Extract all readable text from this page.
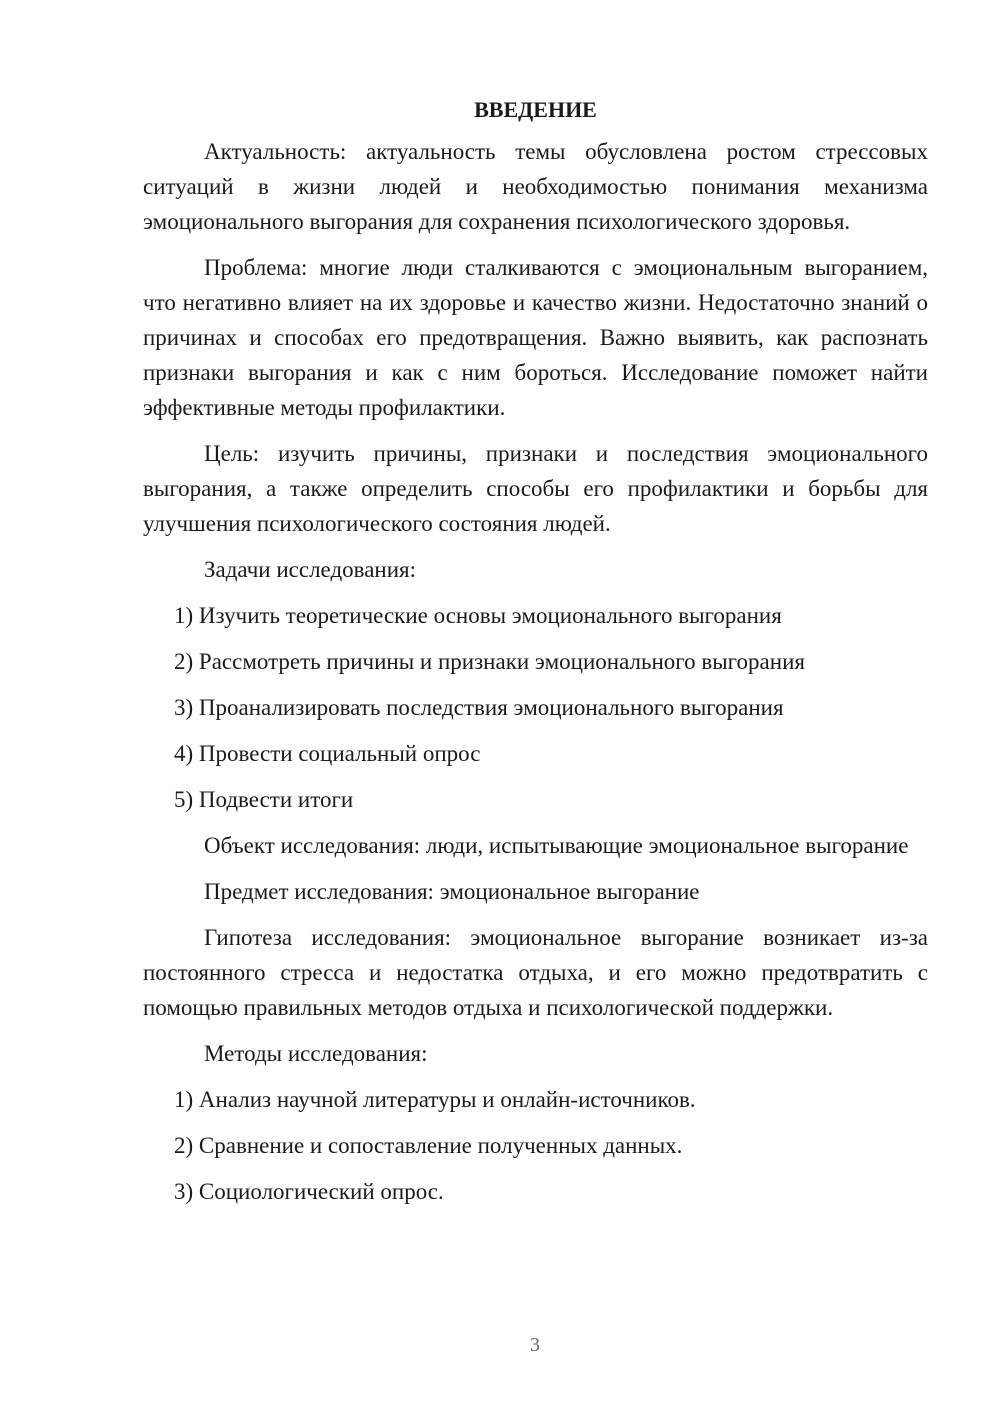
ВВЕДЕНИЕ

Актуальность: актуальность темы обусловлена ростом стрессовых ситуаций в жизни людей и необходимостью понимания механизма эмоционального выгорания для сохранения психологического здоровья.

Проблема: многие люди сталкиваются с эмоциональным выгоранием, что негативно влияет на их здоровье и качество жизни. Недостаточно знаний о причинах и способах его предотвращения. Важно выявить, как распознать признаки выгорания и как с ним бороться. Исследование поможет найти эффективные методы профилактики.

Цель: изучить причины, признаки и последствия эмоционального выгорания, а также определить способы его профилактики и борьбы для улучшения психологического состояния людей.

Задачи исследования:

1) Изучить теоретические основы эмоционального выгорания

2) Рассмотреть причины и признаки эмоционального выгорания

3) Проанализировать последствия эмоционального выгорания

4) Провести социальный опрос

5) Подвести итоги

Объект исследования: люди, испытывающие эмоциональное выгорание

Предмет исследования: эмоциональное выгорание

Гипотеза исследования: эмоциональное выгорание возникает из-за постоянного стресса и недостатка отдыха, и его можно предотвратить с помощью правильных методов отдыха и психологической поддержки.

Методы исследования:

1) Анализ научной литературы и онлайн-источников.

2) Сравнение и сопоставление полученных данных.

3) Социологический опрос.

3
